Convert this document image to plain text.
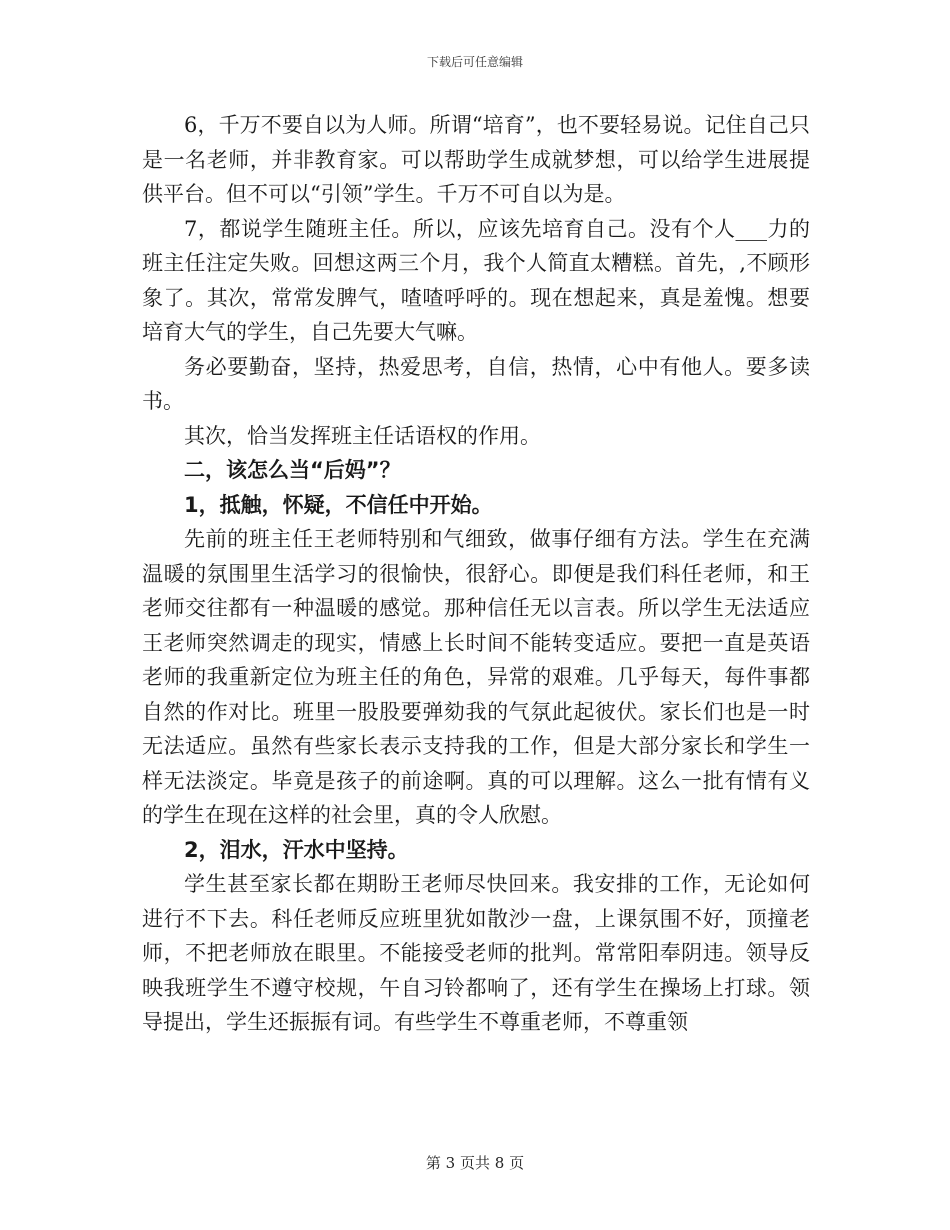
下载后可任意编辑

6，千万不要自以为人师。所谓“培育”，也不要轻易说。记住自己只是一名老师，并非教育家。可以帮助学生成就梦想，可以给学生进展提供平台。但不可以“引领”学生。千万不可自以为是。

7，都说学生随班主任。所以，应该先培育自己。没有个人___力的班主任注定失败。回想这两三个月，我个人简直太糟糕。首先，,不顾形象了。其次，常常发脾气，喳喳呼呼的。现在想起来，真是羞愧。想要培育大气的学生，自己先要大气嘛。

务必要勤奋，坚持，热爱思考，自信，热情，心中有他人。要多读书。

其次，恰当发挥班主任话语权的作用。

二，该怎么当“后妈”？

1，抵触，怀疑，不信任中开始。

先前的班主任王老师特别和气细致，做事仔细有方法。学生在充满温暖的氛围里生活学习的很愉快，很舒心。即便是我们科任老师，和王老师交往都有一种温暖的感觉。那种信任无以言表。所以学生无法适应王老师突然调走的现实，情感上长时间不能转变适应。要把一直是英语老师的我重新定位为班主任的角色，异常的艰难。几乎每天，每件事都自然的作对比。班里一股股要弹劾我的气氛此起彼伏。家长们也是一时无法适应。虽然有些家长表示支持我的工作，但是大部分家长和学生一样无法淡定。毕竟是孩子的前途啊。真的可以理解。这么一批有情有义的学生在现在这样的社会里，真的令人欣慰。

2，泪水，汗水中坚持。

学生甚至家长都在期盼王老师尽快回来。我安排的工作，无论如何进行不下去。科任老师反应班里犹如散沙一盘，上课氛围不好，顶撞老师，不把老师放在眼里。不能接受老师的批判。常常阳奉阴违。领导反映我班学生不遵守校规，午自习铃都响了，还有学生在操场上打球。领导提出，学生还振振有词。有些学生不尊重老师，不尊重领

第 3 页共 8 页
